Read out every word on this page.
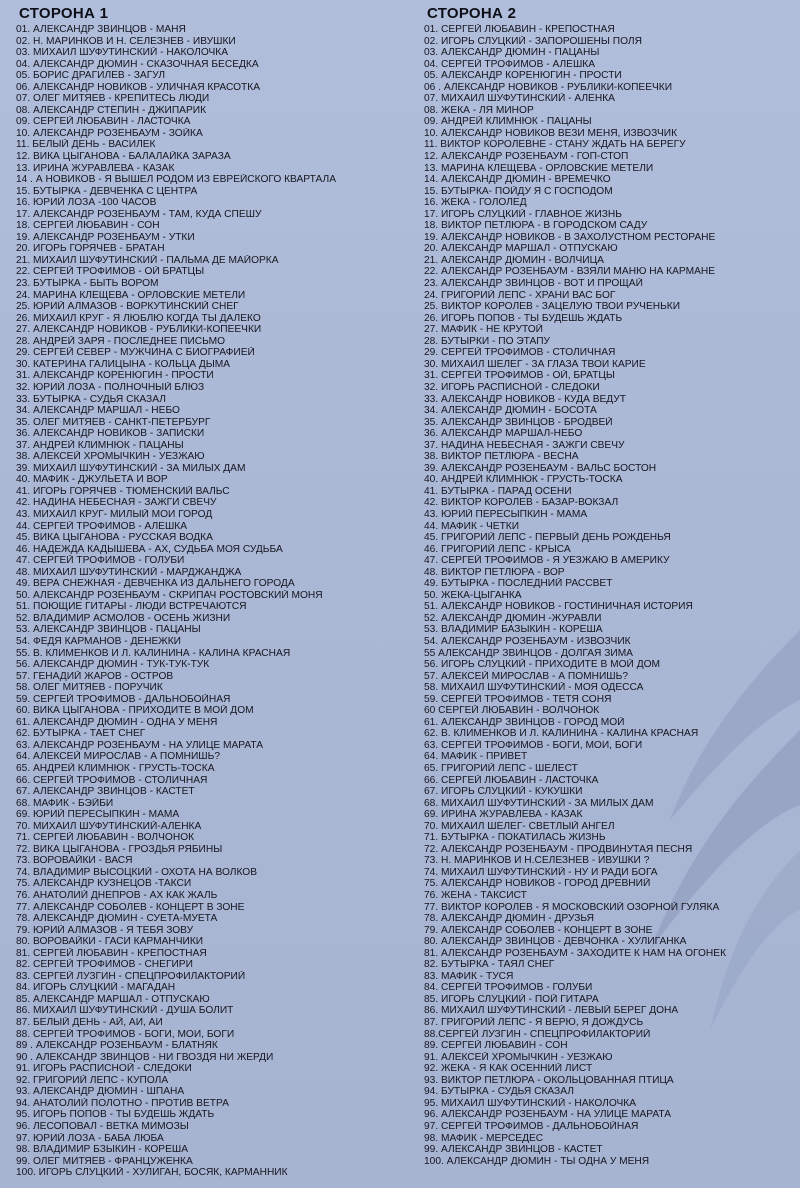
СТОРОНА 1
01. АЛЕКСАНДР ЗВИНЦОВ - МАНЯ
02. Н. МАРИНКОВ И Н. СЕЛЕЗНЕВ - ИВУШКИ
03. МИХАИЛ ШУФУТИНСКИЙ - НАКОЛОЧКА
04. АЛЕКСАНДР ДЮМИН - СКАЗОЧНАЯ БЕСЕДКА
05. БОРИС ДРАГИЛЕВ - ЗАГУЛ
06. АЛЕКСАНДР НОВИКОВ - УЛИЧНАЯ КРАСОТКА
07. ОЛЕГ МИТЯЕВ - КРЕПИТЕСЬ ЛЮДИ
08. АЛЕКСАНДР СТЁПИН - ДЖИПАРИК
09. СЕРГЕЙ ЛЮБАВИН - ЛАСТОЧКА
10. АЛЕКСАНДР РОЗЕНБАУМ - ЗОЙКА
11. БЕЛЫЙ ДЕНЬ - ВАСИЛЕК
12. ВИКА ЦЫГАНОВА - БАЛАЛАЙКА ЗАРАЗА
13. ИРИНА ЖУРАВЛЕВА - КАЗАК
14 . А НОВИКОВ - Я ВЫШЕЛ РОДОМ ИЗ ЕВРЕЙСКОГО КВАРТАЛА
15. БУТЫРКА - ДЕВЧЕНКА С ЦЕНТРА
16. ЮРИЙ ЛОЗА -100 ЧАСОВ
17. АЛЕКСАНДР РОЗЕНБАУМ - ТАМ, КУДА СПЕШУ
18. СЕРГЕЙ ЛЮБАВИН - СОН
19. АЛЕКСАНДР РОЗЕНБАУМ - УТКИ
20. ИГОРЬ ГОРЯЧЕВ - БРАТАН
21. МИХАИЛ ШУФУТИНСКИЙ - ПАЛЬМА ДЕ МАЙОРКА
22. СЕРГЕЙ ТРОФИМОВ - ОЙ БРАТЦЫ
23. БУТЫРКА - БЫТЬ ВОРОМ
24. МАРИНА КЛЕЩЕВА - ОРЛОВСКИЕ МЕТЕЛИ
25. ЮРИЙ АЛМАЗОВ - ВОРКУТИНСКИЙ СНЕГ
26. МИХАИЛ КРУГ - Я ЛЮБЛЮ КОГДА ТЫ ДАЛЕКО
27. АЛЕКСАНДР НОВИКОВ - РУБЛИКИ-КОПЕЕЧКИ
28. АНДРЕЙ ЗАРЯ - ПОСЛЕДНЕЕ ПИСЬМО
29. СЕРГЕЙ СЕВЕР - МУЖЧИНА С БИОГРАФИЕЙ
30. КАТЕРИНА ГАЛИЦЫНА - КОЛЬЦА ДЫМА
31. АЛЕКСАНДР КОРЕНЮГИН - ПРОСТИ
32. ЮРИЙ ЛОЗА - ПОЛНОЧНЫЙ БЛЮЗ
33. БУТЫРКА - СУДЬЯ СКАЗАЛ
34. АЛЕКСАНДР МАРШАЛ - НЕБО
35. ОЛЕГ МИТЯЕВ - САНКТ-ПЕТЕРБУРГ
36. АЛЕКСАНДР НОВИКОВ - ЗАПИСКИ
37. АНДРЕЙ КЛИМНЮК - ПАЦАНЫ
38. АЛЕКСЕЙ ХРОМЫЧКИН - УЕЗЖАЮ
39. МИХАИЛ ШУФУТИНСКИЙ - ЗА МИЛЫХ ДАМ
40. МАФИК - ДЖУЛЬЕТА И ВОР
41. ИГОРЬ ГОРЯЧЕВ - ТЮМЕНСКИЙ ВАЛЬС
42. НАДИНА НЕБЕСНАЯ - ЗАЖГИ СВЕЧУ
43. МИХАИЛ КРУГ- МИЛЫЙ МОИ ГОРОД
44. СЕРГЕЙ ТРОФИМОВ - АЛЕШКА
45. ВИКА ЦЫГАНОВА - РУССКАЯ ВОДКА
46. НАДЕЖДА КАДЫШЕВА - АХ, СУДЬБА МОЯ СУДЬБА
47. СЕРГЕЙ ТРОФИМОВ - ГОЛУБИ
48. МИХАИЛ ШУФУТИНСКИЙ - МАРДЖАНДЖА
49. ВЕРА СНЕЖНАЯ - ДЕВЧЕНКА ИЗ ДАЛЬНЕГО ГОРОДА
50. АЛЕКСАНДР РОЗЕНБАУМ - СКРИПАЧ РОСТОВСКИЙ МОНЯ
51. ПОЮЩИЕ ГИТАРЫ - ЛЮДИ ВСТРЕЧАЮТСЯ
52. ВЛАДИМИР АСМОЛОВ - ОСЕНЬ ЖИЗНИ
53. АЛЕКСАНДР ЗВИНЦОВ - ПАЦАНЫ
54. ФЕДЯ КАРМАНОВ - ДЕНЕЖКИ
55. В. КЛИМЕНКОВ И Л. КАЛИНИНА - КАЛИНА КРАСНАЯ
56. АЛЕКСАНДР ДЮМИН - ТУК-ТУК-ТУК
57. ГЕНАДИЙ ЖАРОВ - ОСТРОВ
58. ОЛЕГ МИТЯЕВ - ПОРУЧИК
59. СЕРГЕЙ ТРОФИМОВ - ДАЛЬНОБОЙНАЯ
60. ВИКА ЦЫГАНОВА - ПРИХОДИТЕ В МОЙ ДОМ
61. АЛЕКСАНДР ДЮМИН - ОДНА У МЕНЯ
62. БУТЫРКА - ТАЕТ СНЕГ
63. АЛЕКСАНДР РОЗЕНБАУМ - НА УЛИЦЕ МАРАТА
64. АЛЕКСЕЙ МИРОСЛАВ - А ПОМНИШЬ?
65. АНДРЕЙ КЛИМНЮК - ГРУСТЬ-ТОСКА
66. СЕРГЕЙ ТРОФИМОВ - СТОЛИЧНАЯ
67. АЛЕКСАНДР ЗВИНЦОВ - КАСТЕТ
68. МАФИК - БЭЙБИ
69. ЮРИЙ ПЕРЕСЫПКИН - МАМА
70. МИХАИЛ ШУФУТИНСКИЙ-АЛЕНКА
71. СЕРГЕЙ ЛЮБАВИН - ВОЛЧОНОК
72. ВИКА ЦЫГАНОВА - ГРОЗДЬЯ РЯБИНЫ
73. ВОРОВАЙКИ - ВАСЯ
74. ВЛАДИМИР ВЫСОЦКИЙ - ОХОТА НА ВОЛКОВ
75. АЛЕКСАНДР КУЗНЕЦОВ -ТАКСИ
76. АНАТОЛИЙ ДНЕПРОВ - АХ КАК ЖАЛЬ
77. АЛЕКСАНДР СОБОЛЕВ - КОНЦЕРТ В ЗОНЕ
78. АЛЕКСАНДР ДЮМИН - СУЕТА-МУЕТА
79. ЮРИЙ АЛМАЗОВ - Я ТЕБЯ ЗОВУ
80. ВОРОВАЙКИ - ГАСИ КАРМАНЧИКИ
81. СЕРГЕЙ ЛЮБАВИН - КРЕПОСТНАЯ
82. СЕРГЕЙ ТРОФИМОВ - СНЕГИРИ
83. СЕРГЕЙ ЛУЗГИН - СПЕЦПРОФИЛАКТОРИЙ
84. ИГОРЬ СЛУЦКИЙ - МАГАДАН
85. АЛЕКСАНДР МАРШАЛ - ОТПУСКАЮ
86. МИХАИЛ ШУФУТИНСКИЙ - ДУША БОЛИТ
87. БЕЛЫЙ ДЕНЬ - АЙ, АИ, АИ
88. СЕРГЕЙ ТРОФИМОВ - БОГИ, МОИ, БОГИ
89 . АЛЕКСАНДР РОЗЕНБАУМ - БЛАТНЯК
90 . АЛЕКСАНДР ЗВИНЦОВ - НИ ГВОЗДЯ НИ ЖЕРДИ
91. ИГОРЬ РАСПИСНОЙ - СЛЕДОКИ
92. ГРИГОРИЙ ЛЕПС - КУПОЛА
93. АЛЕКСАНДР ДЮМИН - ШПАНА
94. АНАТОЛИЙ ПОЛОТНО - ПРОТИВ ВЕТРА
95. ИГОРЬ ПОПОВ - ТЫ БУДЕШЬ ЖДАТЬ
96. ЛЕСОПОВАЛ - ВЕТКА МИМОЗЫ
97. ЮРИЙ ЛОЗА - БАБА ЛЮБА
98. ВЛАДИМИР БЗЫКИН - КОРЕША
99. ОЛЕГ МИТЯЕВ - ФРАНЦУЖЕНКА
100. ИГОРЬ СЛУЦКИЙ - ХУЛИГАН, БОСЯК, КАРМАННИК
СТОРОНА 2
01. СЕРГЕЙ ЛЮБАВИН - КРЕПОСТНАЯ
02. ИГОРЬ СЛУЦКИЙ - ЗАПОРОШЕНЫ ПОЛЯ
03. АЛЕКСАНДР ДЮМИН - ПАЦАНЫ
04. СЕРГЕЙ ТРОФИМОВ - АЛЕШКА
05. АЛЕКСАНДР КОРЕНЮГИН - ПРОСТИ
06 . АЛЕКСАНДР НОВИКОВ - РУБЛИКИ-КОПЕЕЧКИ
07. МИХАИЛ ШУФУТИНСКИЙ - АЛЕНКА
08. ЖЕКА - ЛЯ МИНОР
09. АНДРЕЙ КЛИМНЮК - ПАЦАНЫ
10. АЛЕКСАНДР НОВИКОВ ВЕЗИ МЕНЯ, ИЗВОЗЧИК
11. ВИКТОР КОРОЛЕВНЕ - СТАНУ ЖДАТЬ НА БЕРЕГУ
12. АЛЕКСАНДР РОЗЕНБАУМ - ГОП-СТОП
13. МАРИНА КЛЕЩЕВА - ОРЛОВСКИЕ МЕТЕЛИ
14. АЛЕКСАНДР ДЮМИН - ВРЕМЕЧКО
15. БУТЫРКА- ПОЙДУ Я С ГОСПОДОМ
16. ЖЕКА - ГОЛОЛЕД
17. ИГОРЬ СЛУЦКИЙ - ГЛАВНОЕ ЖИЗНЬ
18. ВИКТОР ПЕТЛЮРА - В ГОРОДСКОМ САДУ
19. АЛЕКСАНДР НОВИКОВ - В ЗАХОЛУСТНОМ РЕСТОРАНЕ
20. АЛЕКСАНДР МАРШАЛ - ОТПУСКАЮ
21. АЛЕКСАНДР ДЮМИН - ВОЛЧИЦА
22. АЛЕКСАНДР РОЗЕНБАУМ - ВЗЯЛИ МАНЮ НА КАРМАНЕ
23. АЛЕКСАНДР ЗВИНЦОВ - ВОТ И ПРОЩАЙ
24. ГРИГОРИЙ ЛЕПС - ХРАНИ ВАС БОГ
25. ВИКТОР КОРОЛЕВ - ЗАЦЕЛУЮ ТВОИ РУЧЕНЬКИ
26. ИГОРЬ ПОПОВ - ТЫ БУДЕШЬ ЖДАТЬ
27. МАФИК - НЕ КРУТОЙ
28. БУТЫРКИ - ПО ЭТАПУ
29. СЕРГЕЙ ТРОФИМОВ - СТОЛИЧНАЯ
30. МИХАИЛ ШЕЛЕГ - ЗА ГЛАЗА ТВОИ КАРИЕ
31. СЕРГЕЙ ТРОФИМОВ - ОЙ, БРАТЦЫ
32. ИГОРЬ РАСПИСНОЙ - СЛЕДОКИ
33. АЛЕКСАНДР НОВИКОВ - КУДА ВЕДУТ
34. АЛЕКСАНДР ДЮМИН - БОСОТА
35. АЛЕКСАНДР ЗВИНЦОВ - БРОДВЕЙ
36. АЛЕКСАНДР МАРШАЛ-НЕБО
37. НАДИНА НЕБЕСНАЯ - ЗАЖГИ СВЕЧУ
38. ВИКТОР ПЕТЛЮРА - ВЕСНА
39. АЛЕКСАНДР РОЗЕНБАУМ - ВАЛЬС БОСТОН
40. АНДРЕЙ КЛИМНЮК - ГРУСТЬ-ТОСКА
41. БУТЫРКА - ПАРАД ОСЕНИ
42. ВИКТОР КОРОЛЕВ - БАЗАР-ВОКЗАЛ
43. ЮРИЙ ПЕРЕСЫПКИН - МАМА
44. МАФИК - ЧЕТКИ
45. ГРИГОРИЙ ЛЕПС - ПЕРВЫЙ ДЕНЬ РОЖДЕНЬЯ
46. ГРИГОРИЙ ЛЕПС - КРЫСА
47. СЕРГЕЙ ТРОФИМОВ - Я УЕЗЖАЮ В АМЕРИКУ
48. ВИКТОР ПЕТЛЮРА - ВОР
49. БУТЫРКА - ПОСЛЕДНИЙ РАССВЕТ
50. ЖЕКА-ЦЫГАНКА
51. АЛЕКСАНДР НОВИКОВ - ГОСТИНИЧНАЯ ИСТОРИЯ
52. АЛЕКСАНДР ДЮМИН -ЖУРАВЛИ
53. ВЛАДИМИР БАЗЫКИН - КОРЕША
54. АЛЕКСАНДР РОЗЕНБАУМ - ИЗВОЗЧИК
55 АЛЕКСАНДР ЗВИНЦОВ - ДОЛГАЯ ЗИМА
56. ИГОРЬ СЛУЦКИЙ - ПРИХОДИТЕ В МОЙ ДОМ
57. АЛЕКСЕЙ МИРОСЛАВ - А ПОМНИШЬ?
58. МИХАИЛ ШУФУТИНСКИЙ - МОЯ ОДЕССА
59. СЕРГЕЙ ТРОФИМОВ - ТЕТЯ СОНЯ
60 СЕРГЕЙ ЛЮБАВИН - ВОЛЧОНОК
61. АЛЕКСАНДР ЗВИНЦОВ - ГОРОД МОЙ
62. В. КЛИМЕНКОВ И Л. КАЛИНИНА - КАЛИНА КРАСНАЯ
63. СЕРГЕЙ ТРОФИМОВ - БОГИ, МОИ, БОГИ
64. МАФИК - ПРИВЕТ
65. ГРИГОРИЙ ЛЕПС - ШЕЛЕСТ
66. СЕРГЕЙ ЛЮБАВИН - ЛАСТОЧКА
67. ИГОРЬ СЛУЦКИЙ - КУКУШКИ
68. МИХАИЛ ШУФУТИНСКИЙ - ЗА МИЛЫХ ДАМ
69. ИРИНА ЖУРАВЛЕВА - КАЗАК
70. МИХАИЛ ШЕЛЕГ- СВЕТЛЫЙ АНГЕЛ
71. БУТЫРКА - ПОКАТИЛАСЬ ЖИЗНЬ
72. АЛЕКСАНДР РОЗЕНБАУМ - ПРОДВИНУТАЯ ПЕСНЯ
73. Н. МАРИНКОВ И Н.СЕЛЕЗНЕВ - ИВУШКИ ?
74. МИХАИЛ ШУФУТИНСКИЙ - НУ И РАДИ БОГА
75. АЛЕКСАНДР НОВИКОВ - ГОРОД ДРЕВНИЙ
76. ЖЕНА - ТАКСИСТ
77. ВИКТОР КОРОЛЕВ - Я МОСКОВСКИЙ ОЗОРНОЙ ГУЛЯКА
78. АЛЕКСАНДР ДЮМИН - ДРУЗЬЯ
79. АЛЕКСАНДР СОБОЛЕВ - КОНЦЕРТ В ЗОНЕ
80. АЛЕКСАНДР ЗВИНЦОВ - ДЕВЧОНКА - ХУЛИГАНКА
81. АЛЕКСАНДР РОЗЕНБАУМ - ЗАХОДИТЕ К НАМ НА ОГОНЕК
82. БУТЫРКА - ТАЯЛ СНЕГ
83. МАФИК - ТУСЯ
84. СЕРГЕЙ ТРОФИМОВ - ГОЛУБИ
85. ИГОРЬ СЛУЦКИЙ - ПОЙ ГИТАРА
86. МИХАИЛ ШУФУТИНСКИЙ - ЛЕВЫЙ БЕРЕГ ДОНА
87. ГРИГОРИЙ ЛЕПС - Я ВЕРЮ, Я ДОЖДУСЬ
88.СЕРГЕЙ ЛУЗГИН - СПЕЦПРОФИЛАКТОРИЙ
89. СЕРГЕЙ ЛЮБАВИН - СОН
91. АЛЕКСЕЙ ХРОМЫЧКИН - УЕЗЖАЮ
92. ЖЕКА - Я КАК ОСЕННИЙ ЛИСТ
93. ВИКТОР ПЕТЛЮРА - ОКОЛЬЦОВАННАЯ ПТИЦА
94. БУТЫРКА - СУДЬЯ СКАЗАЛ
95. МИХАИЛ ШУФУТИНСКИЙ - НАКОЛОЧКА
96. АЛЕКСАНДР РОЗЕНБАУМ - НА УЛИЦЕ МАРАТА
97. СЕРГЕЙ ТРОФИМОВ - ДАЛЬНОБОЙНАЯ
98. МАФИК - МЕРСЕДЕС
99. АЛЕКСАНДР ЗВИНЦОВ - КАСТЕТ
100. АЛЕКСАНДР ДЮМИН - ТЫ ОДНА У МЕНЯ
